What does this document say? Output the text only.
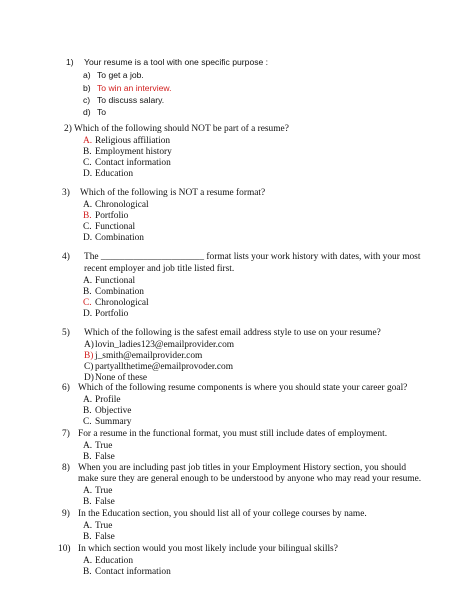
1) Your resume is a tool with one specific purpose :
a) To get a job.
b) To win an interview.
c) To discuss salary.
d) To
2) Which of the following should NOT be part of a resume?
A. Religious affiliation
B. Employment history
C. Contact information
D. Education
3) Which of the following is NOT a resume format?
A. Chronological
B. Portfolio
C. Functional
D. Combination
4) The ______________________ format lists your work history with dates, with your most
recent employer and job title listed first.
A. Functional
B. Combination
C. Chronological
D. Portfolio
5) Which of the following is the safest email address style to use on your resume?
A)lovin_ladies123@emailprovider.com
B) j_smith@emailprovider.com
C) partyallthetime@emailprovoder.com
D)None of these
6) Which of the following resume components is where you should state your career goal?
A. Profile
B. Objective
C. Summary
7) For a resume in the functional format, you must still include dates of employment.
A. True
B. False
8) When you are including past job titles in your Employment History section, you should
make sure they are general enough to be understood by anyone who may read your resume.
A. True
B. False
9) In the Education section, you should list all of your college courses by name.
A. True
B. False
10) In which section would you most likely include your bilingual skills?
A. Education
B. Contact information
